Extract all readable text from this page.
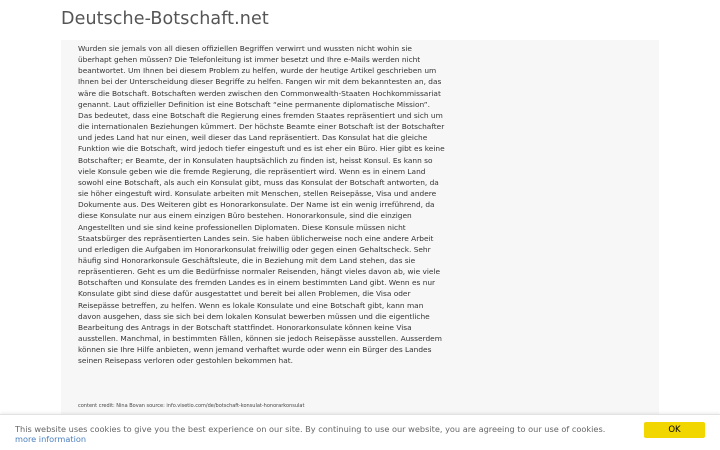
Deutsche-Botschaft.net

Wurden sie jemals von all diesen offiziellen Begriffen verwirrt und wussten nicht wohin sie überhapt gehen müssen? Die Telefonleitung ist immer besetzt und Ihre e-Mails werden nicht beantwortet. Um Ihnen bei diesem Problem zu helfen, wurde der heutige Artikel geschrieben um Ihnen bei der Unterscheidung dieser Begriffe zu helfen. Fangen wir mit dem bekanntesten an, das wäre die Botschaft. Botschaften werden zwischen den Commonwealth-Staaten Hochkommissariat genannt. Laut offizieller Definition ist eine Botschaft “eine permanente diplomatische Mission”. Das bedeutet, dass eine Botschaft die Regierung eines fremden Staates repräsentiert und sich um die internationalen Beziehungen kümmert. Der höchste Beamte einer Botschaft ist der Botschafter und jedes Land hat nur einen, weil dieser das Land repräsentiert. Das Konsulat hat die gleiche Funktion wie die Botschaft, wird jedoch tiefer eingestuft und es ist eher ein Büro. Hier gibt es keine Botschafter; er Beamte, der in Konsulaten hauptsächlich zu finden ist, heisst Konsul. Es kann so viele Konsule geben wie die fremde Regierung, die repräsentiert wird. Wenn es in einem Land sowohl eine Botschaft, als auch ein Konsulat gibt, muss das Konsulat der Botschaft antworten, da sie höher eingestuft wird. Konsulate arbeiten mit Menschen, stellen Reisepässe, Visa und andere Dokumente aus. Des Weiteren gibt es Honorarkonsulate. Der Name ist ein wenig irreführend, da diese Konsulate nur aus einem einzigen Büro bestehen. Honorarkonsule, sind die einzigen Angestellten und sie sind keine professionellen Diplomaten. Diese Konsule müssen nicht Staatsbürger des repräsentierten Landes sein. Sie haben üblicherweise noch eine andere Arbeit und erledigen die Aufgaben im Honorarkonsulat freiwillig oder gegen einen Gehaltscheck. Sehr häufig sind Honorarkonsule Geschäftsleute, die in Beziehung mit dem Land stehen, das sie repräsentieren. Geht es um die Bedürfnisse normaler Reisenden, hängt vieles davon ab, wie viele Botschaften und Konsulate des fremden Landes es in einem bestimmten Land gibt. Wenn es nur Konsulate gibt sind diese dafür ausgestattet und bereit bei allen Problemen, die Visa oder Reisepässe betreffen, zu helfen. Wenn es lokale Konsulate und eine Botschaft gibt, kann man davon ausgehen, dass sie sich bei dem lokalen Konsulat bewerben müssen und die eigentliche Bearbeitung des Antrags in der Botschaft stattfindet. Honorarkonsulate können keine Visa ausstellen. Manchmal, in bestimmten Fällen, können sie jedoch Reisepässe ausstellen. Ausserdem können sie Ihre Hilfe anbieten, wenn jemand verhaftet wurde oder wenn ein Bürger des Landes seinen Reisepass verloren oder gestohlen bekommen hat.

content credit: Nina Bovan source: info.visetio.com/de/botschaft-konsulat-honorarkonsulat
This website uses cookies to give you the best experience on our site. By continuing to use our website, you are agreeing to our use of cookies.
more information
OK
